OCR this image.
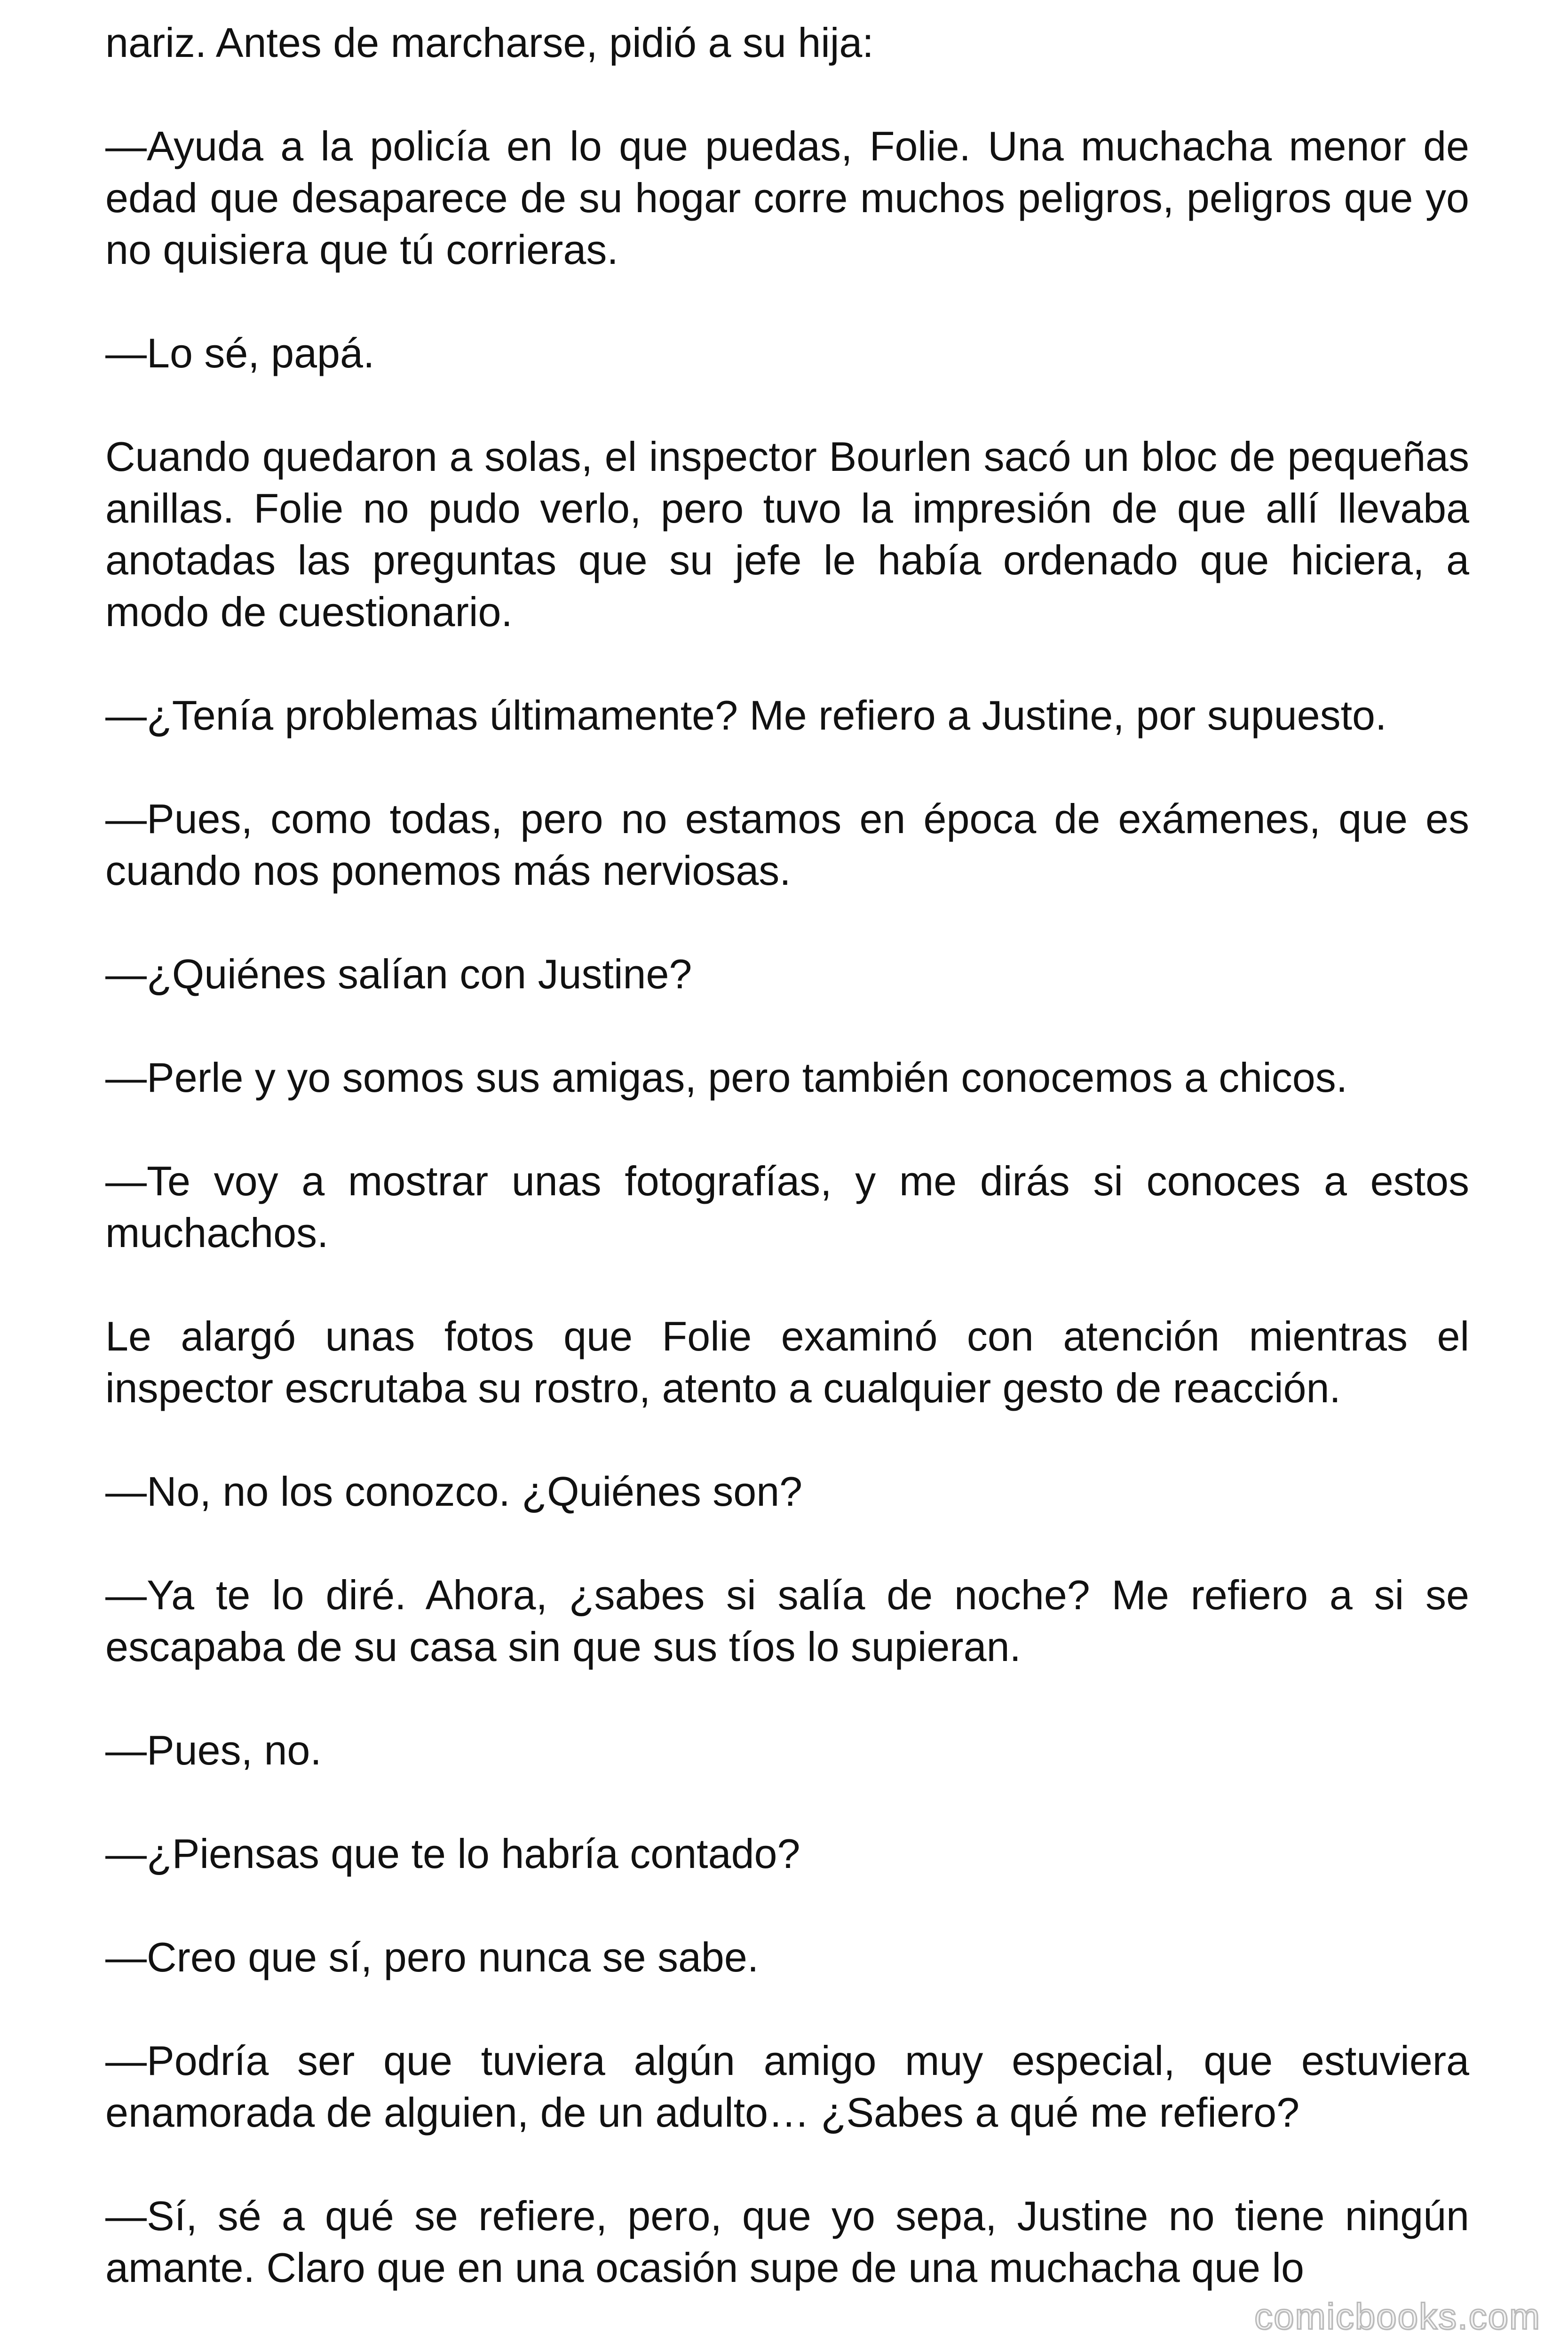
nariz. Antes de marcharse, pidió a su hija:

—Ayuda a la policía en lo que puedas, Folie. Una muchacha menor de edad que desaparece de su hogar corre muchos peligros, peligros que yo no quisiera que tú corrieras.

—Lo sé, papá.

Cuando quedaron a solas, el inspector Bourlen sacó un bloc de pequeñas anillas. Folie no pudo verlo, pero tuvo la impresión de que allí llevaba anotadas las preguntas que su jefe le había ordenado que hiciera, a modo de cuestionario.

—¿Tenía problemas últimamente? Me refiero a Justine, por supuesto.

—Pues, como todas, pero no estamos en época de exámenes, que es cuando nos ponemos más nerviosas.

—¿Quiénes salían con Justine?

—Perle y yo somos sus amigas, pero también conocemos a chicos.

—Te voy a mostrar unas fotografías, y me dirás si conoces a estos muchachos.

Le alargó unas fotos que Folie examinó con atención mientras el inspector escrutaba su rostro, atento a cualquier gesto de reacción.

—No, no los conozco. ¿Quiénes son?

—Ya te lo diré. Ahora, ¿sabes si salía de noche? Me refiero a si se escapaba de su casa sin que sus tíos lo supieran.

—Pues, no.

—¿Piensas que te lo habría contado?

—Creo que sí, pero nunca se sabe.

—Podría ser que tuviera algún amigo muy especial, que estuviera enamorada de alguien, de un adulto… ¿Sabes a qué me refiero?

—Sí, sé a qué se refiere, pero, que yo sepa, Justine no tiene ningún amante. Claro que en una ocasión supe de una muchacha que lo

comicbooks.com
